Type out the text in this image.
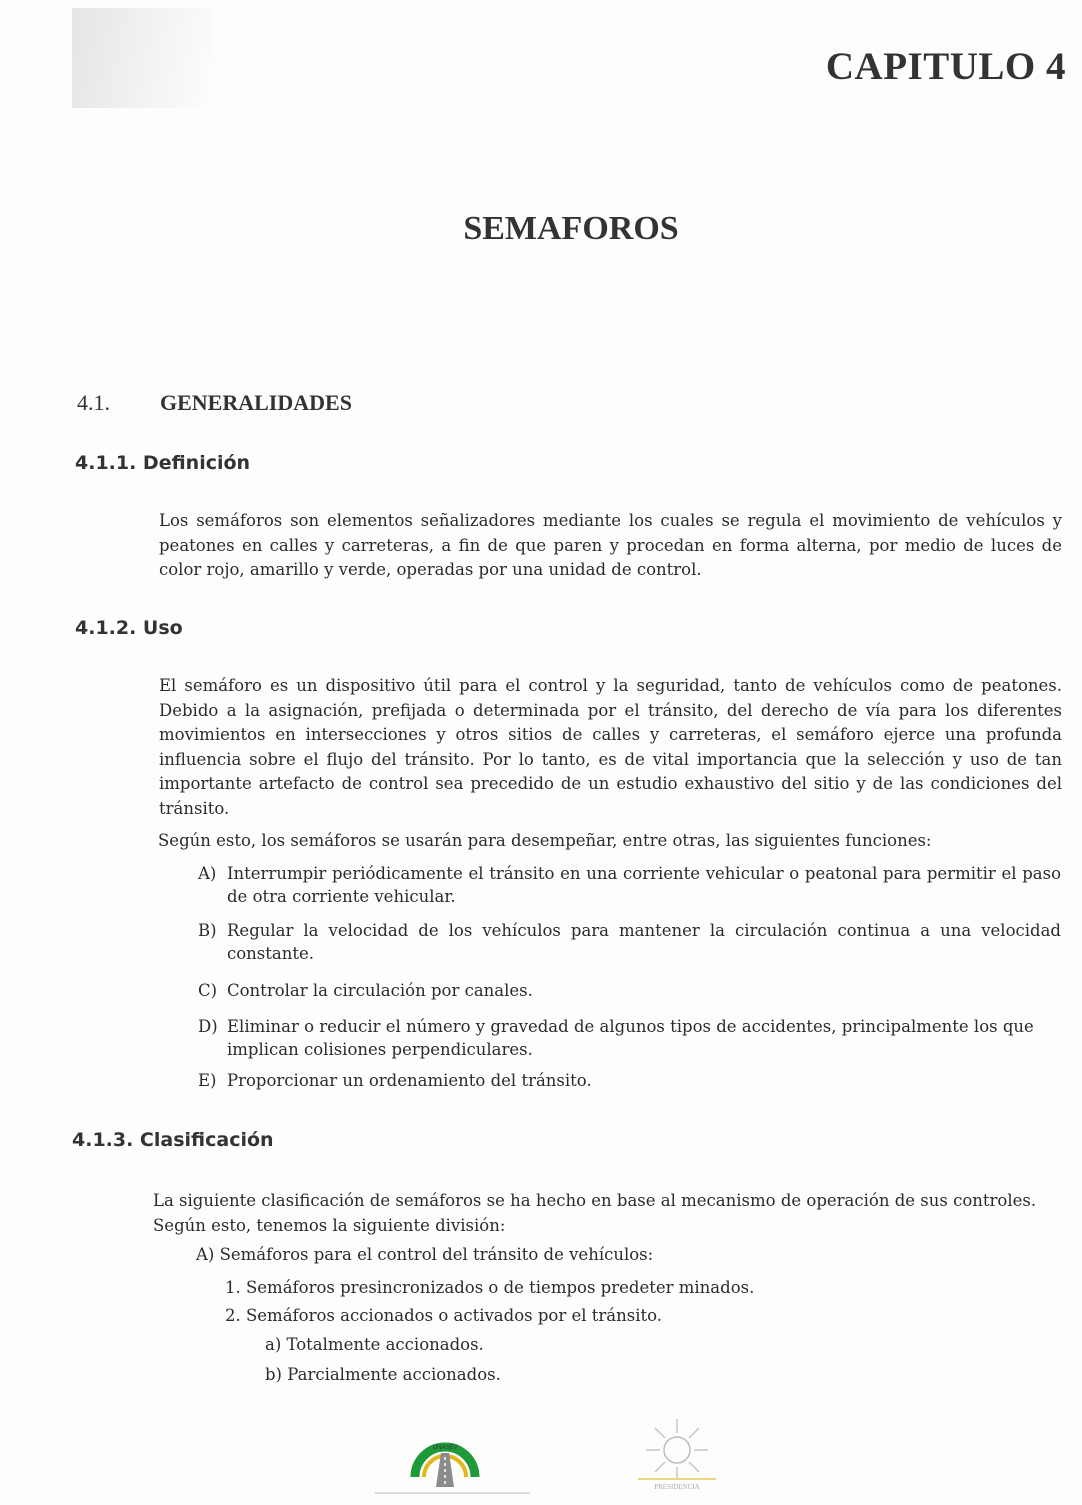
CAPITULO 4
SEMAFOROS
4.1. GENERALIDADES
4.1.1. Definición

Los semáforos son elementos señalizadores mediante los cuales se regula el movimiento de vehículos y peatones en calles y carreteras, a fin de que paren y procedan en forma alterna, por medio de luces de color rojo, amarillo y verde, operadas por una unidad de control.

4.1.2. Uso

El semáforo es un dispositivo útil para el control y la seguridad, tanto de vehículos como de peatones. Debido a la asignación, prefijada o determinada por el tránsito, del derecho de vía para los diferentes movimientos en intersecciones y otros sitios de calles y carreteras, el semáforo ejerce una profunda influencia sobre el flujo del tránsito. Por lo tanto, es de vital importancia que la selección y uso de tan importante artefacto de control sea precedido de un estudio exhaustivo del sitio y de las condiciones del tránsito.

Según esto, los semáforos se usarán para desempeñar, entre otras, las siguientes funciones:

A) Interrumpir periódicamente el tránsito en una corriente vehicular o peatonal para permitir el paso de otra corriente vehicular.
B) Regular la velocidad de los vehículos para mantener la circulación continua a una velocidad constante.
C) Controlar la circulación por canales.
D) Eliminar o reducir el número y gravedad de algunos tipos de accidentes, principalmente los que implican colisiones perpendiculares.
E) Proporcionar un ordenamiento del tránsito.
4.1.3. Clasificación

La siguiente clasificación de semáforos se ha hecho en base al mecanismo de operación de sus controles. Según esto, tenemos la siguiente división:

A) Semáforos para el control del tránsito de vehículos:
1. Semáforos presincronizados o de tiempos predeter minados.
2. Semáforos accionados o activados por el tránsito.
a) Totalmente accionados.
b) Parcialmente accionados.
UNASEV
PRESIDENCIA
